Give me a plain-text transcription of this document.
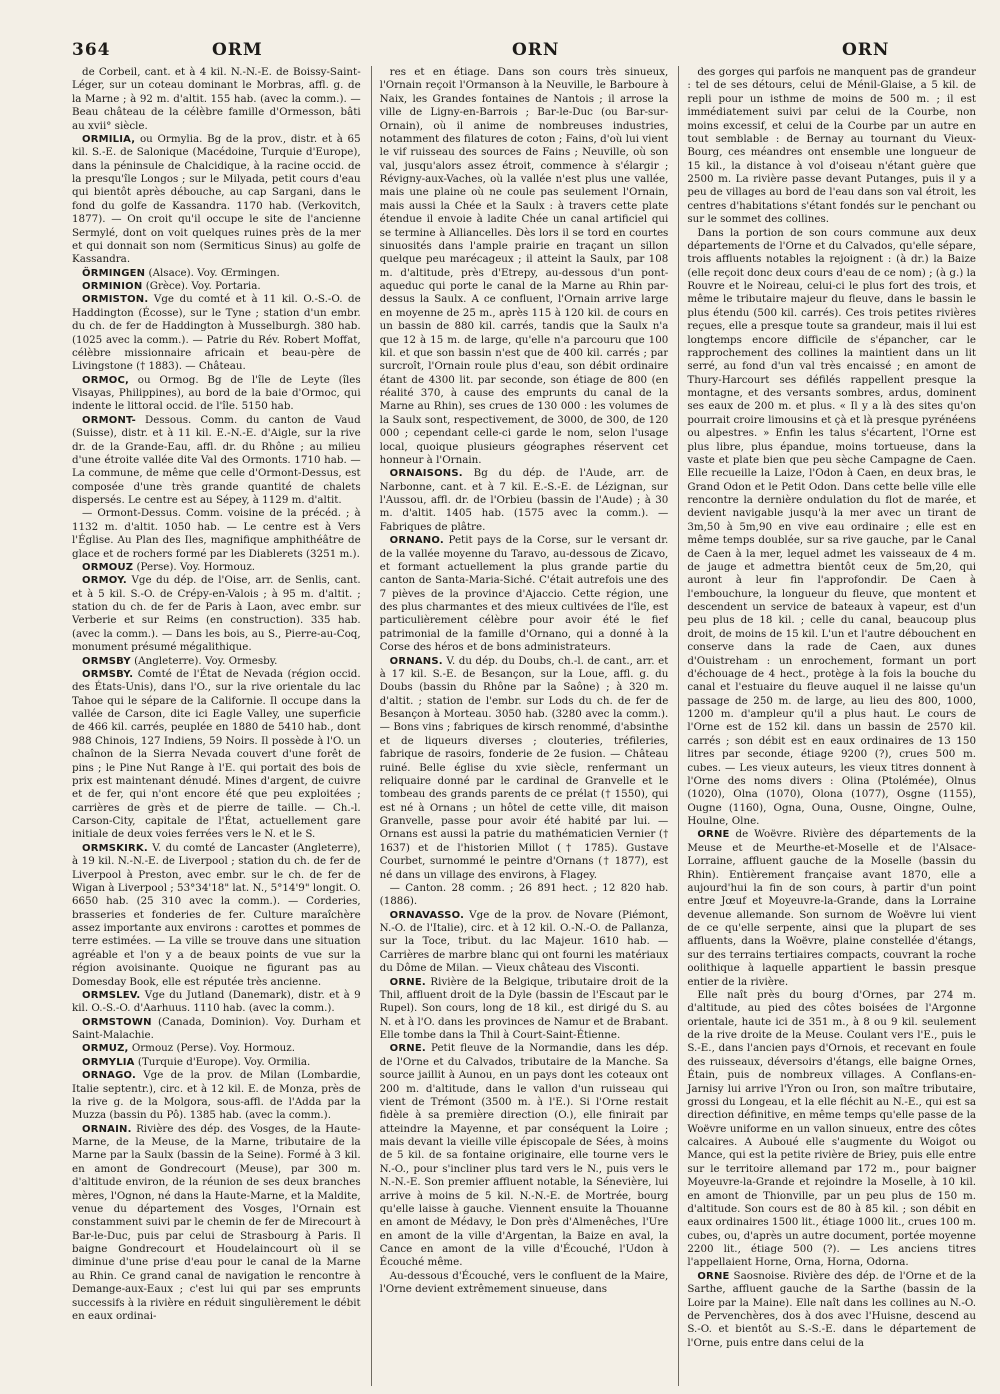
364	ORM	ORN	ORN

de Corbeil, cant. et à 4 kil. N.-N.-E. de Boissy-Saint-Léger, sur un coteau dominant le Morbras, affl. g. de la Marne ; à 92 m. d'altit. 155 hab. (avec la comm.). — Beau château de la célèbre famille d'Ormesson, bâti au xvii° siècle.

ORMILIA, ou Ormylia. Bg de la prov., distr. et à 65 kil. S.-E. de Salonique (Macédoine, Turquie d'Europe), dans la péninsule de Chalcidique, à la racine occid. de la presqu'île Longos ; sur le Milyada, petit cours d'eau qui bientôt après débouche, au cap Sargani, dans le fond du golfe de Kassandra. 1170 hab. (Verkovitch, 1877). — On croit qu'il occupe le site de l'ancienne Sermylé, dont on voit quelques ruines près de la mer et qui donnait son nom (Sermiticus Sinus) au golfe de Kassandra.

ÖRMINGEN (Alsace). Voy. Œrmingen.

ORMINION (Grèce). Voy. Portaria.

ORMISTON. Vge du comté et à 11 kil. O.-S.-O. de Haddington (Écosse), sur le Tyne ; station d'un embr. du ch. de fer de Haddington à Musselburgh. 380 hab. (1025 avec la comm.). — Patrie du Rév. Robert Moffat, célèbre missionnaire africain et beau-père de Livingstone († 1883). — Château.

ORMOC, ou Ormog. Bg de l'île de Leyte (îles Visayas, Philippines), au bord de la baie d'Ormoc, qui indente le littoral occid. de l'île. 5150 hab.

ORMONT- Dessous. Comm. du canton de Vaud (Suisse), distr. et à 11 kil. E.-N.-E. d'Aigle, sur la rive dr. de la Grande-Eau, affl. dr. du Rhône ; au milieu d'une étroite vallée dite Val des Ormonts. 1710 hab. — La commune, de même que celle d'Ormont-Dessus, est composée d'une très grande quantité de chalets dispersés. Le centre est au Sépey, à 1129 m. d'altit.

— Ormont-Dessus. Comm. voisine de la précéd. ; à 1132 m. d'altit. 1050 hab. — Le centre est à Vers l'Église. Au Plan des Iles, magnifique amphithéâtre de glace et de rochers formé par les Diablerets (3251 m.).

ORMOUZ (Perse). Voy. Hormouz.

ORMOY. Vge du dép. de l'Oise, arr. de Senlis, cant. et à 5 kil. S.-O. de Crépy-en-Valois ; à 95 m. d'altit. ; station du ch. de fer de Paris à Laon, avec embr. sur Verberie et sur Reims (en construction). 335 hab. (avec la comm.). — Dans les bois, au S., Pierre-au-Coq, monument présumé mégalithique.

ORMSBY (Angleterre). Voy. Ormesby.

ORMSBY. Comté de l'État de Nevada (région occid. des États-Unis), dans l'O., sur la rive orientale du lac Tahoe qui le sépare de la Californie. Il occupe dans la vallée de Carson, dite ici Eagle Valley, une superficie de 466 kil. carrés, peuplée en 1880 de 5410 hab., dont 988 Chinois, 127 Indiens, 59 Noirs. Il possède à l'O. un chaînon de la Sierra Nevada couvert d'une forêt de pins ; le Pine Nut Range à l'E. qui portait des bois de prix est maintenant dénudé. Mines d'argent, de cuivre et de fer, qui n'ont encore été que peu exploitées ; carrières de grès et de pierre de taille. — Ch.-l. Carson-City, capitale de l'État, actuellement gare initiale de deux voies ferrées vers le N. et le S.

ORMSKIRK. V. du comté de Lancaster (Angleterre), à 19 kil. N.-N.-E. de Liverpool ; station du ch. de fer de Liverpool à Preston, avec embr. sur le ch. de fer de Wigan à Liverpool ; 53°34'18" lat. N., 5°14'9" longit. O. 6650 hab. (25 310 avec la comm.). — Corderies, brasseries et fonderies de fer. Culture maraîchère assez importante aux environs : carottes et pommes de terre estimées. — La ville se trouve dans une situation agréable et l'on y a de beaux points de vue sur la région avoisinante. Quoique ne figurant pas au Domesday Book, elle est réputée très ancienne.

ORMSLEV. Vge du Jutland (Danemark), distr. et à 9 kil. O.-S.-O. d'Aarhuus. 1110 hab. (avec la comm.).

ORMSTOWN (Canada, Dominion). Voy. Durham et Saint-Malachie.

ORMUZ, Ormouz (Perse). Voy. Hormouz.

ORMYLIA (Turquie d'Europe). Voy. Ormilia.

ORNAGO. Vge de la prov. de Milan (Lombardie, Italie septentr.), circ. et à 12 kil. E. de Monza, près de la rive g. de la Molgora, sous-affl. de l'Adda par la Muzza (bassin du Pô). 1385 hab. (avec la comm.).

ORNAIN. Rivière des dép. des Vosges, de la Haute-Marne, de la Meuse, de la Marne, tributaire de la Marne par la Saulx (bassin de la Seine). Formé à 3 kil. en amont de Gondrecourt (Meuse), par 300 m. d'altitude environ, de la réunion de ses deux branches mères, l'Ognon, né dans la Haute-Marne, et la Maldite, venue du département des Vosges, l'Ornain est constamment suivi par le chemin de fer de Mirecourt à Bar-le-Duc, puis par celui de Strasbourg à Paris. Il baigne Gondrecourt et Houdelaincourt où il se diminue d'une prise d'eau pour le canal de la Marne au Rhin. Ce grand canal de navigation le rencontre à Demange-aux-Eaux ; c'est lui qui par ses emprunts successifs à la rivière en réduit singulièrement le débit en eaux ordinai-

res et en étiage. Dans son cours très sinueux, l'Ornain reçoit l'Ormanson à la Neuville, le Barboure à Naix, les Grandes fontaines de Nantois ; il arrose la ville de Ligny-en-Barrois ; Bar-le-Duc (ou Bar-sur-Ornain), où il anime de nombreuses industries, notamment des filatures de coton ; Fains, d'où lui vient le vif ruisseau des sources de Fains ; Neuville, où son val, jusqu'alors assez étroit, commence à s'élargir ; Révigny-aux-Vaches, où la vallée n'est plus une vallée, mais une plaine où ne coule pas seulement l'Ornain, mais aussi la Chée et la Saulx : à travers cette plate étendue il envoie à ladite Chée un canal artificiel qui se termine à Alliancelles. Dès lors il se tord en courtes sinuosités dans l'ample prairie en traçant un sillon quelque peu marécageux ; il atteint la Saulx, par 108 m. d'altitude, près d'Etrepy, au-dessous d'un pont-aqueduc qui porte le canal de la Marne au Rhin par-dessus la Saulx. A ce confluent, l'Ornain arrive large en moyenne de 25 m., après 115 à 120 kil. de cours en un bassin de 880 kil. carrés, tandis que la Saulx n'a que 12 à 15 m. de large, qu'elle n'a parcouru que 100 kil. et que son bassin n'est que de 400 kil. carrés ; par surcroît, l'Ornain roule plus d'eau, son débit ordinaire étant de 4300 lit. par seconde, son étiage de 800 (en réalité 370, à cause des emprunts du canal de la Marne au Rhin), ses crues de 130 000 : les volumes de la Saulx sont, respectivement, de 3000, de 300, de 120 000 ; cependant celle-ci garde le nom, selon l'usage local, quoique plusieurs géographes réservent cet honneur à l'Ornain.

ORNAISONS. Bg du dép. de l'Aude, arr. de Narbonne, cant. et à 7 kil. E.-S.-E. de Lézignan, sur l'Aussou, affl. dr. de l'Orbieu (bassin de l'Aude) ; à 30 m. d'altit. 1405 hab. (1575 avec la comm.). — Fabriques de plâtre.

ORNANO. Petit pays de la Corse, sur le versant dr. de la vallée moyenne du Taravo, au-dessous de Zicavo, et formant actuellement la plus grande partie du canton de Santa-Maria-Siché. C'était autrefois une des 7 pièves de la province d'Ajaccio. Cette région, une des plus charmantes et des mieux cultivées de l'île, est particulièrement célèbre pour avoir été le fief patrimonial de la famille d'Ornano, qui a donné à la Corse des héros et de bons administrateurs.

ORNANS. V. du dép. du Doubs, ch.-l. de cant., arr. et à 17 kil. S.-E. de Besançon, sur la Loue, affl. g. du Doubs (bassin du Rhône par la Saône) ; à 320 m. d'altit. ; station de l'embr. sur Lods du ch. de fer de Besançon à Morteau. 3050 hab. (3280 avec la comm.). — Bons vins ; fabriques de kirsch renommé, d'absinthe et de liqueurs diverses ; clouteries, tréfileries, fabrique de rasoirs, fonderie de 2e fusion. — Château ruiné. Belle église du xvie siècle, renfermant un reliquaire donné par le cardinal de Granvelle et le tombeau des grands parents de ce prélat († 1550), qui est né à Ornans ; un hôtel de cette ville, dit maison Granvelle, passe pour avoir été habité par lui. — Ornans est aussi la patrie du mathématicien Vernier († 1637) et de l'historien Millot († 1785). Gustave Courbet, surnommé le peintre d'Ornans († 1877), est né dans un village des environs, à Flagey.

— Canton. 28 comm. ; 26 891 hect. ; 12 820 hab. (1886).

ORNAVASSO. Vge de la prov. de Novare (Piémont, N.-O. de l'Italie), circ. et à 12 kil. O.-N.-O. de Pallanza, sur la Toce, tribut. du lac Majeur. 1610 hab. — Carrières de marbre blanc qui ont fourni les matériaux du Dôme de Milan. — Vieux château des Visconti.

ORNE. Rivière de la Belgique, tributaire droit de la Thil, affluent droit de la Dyle (bassin de l'Escaut par le Rupel). Son cours, long de 18 kil., est dirigé du S. au N. et à l'O. dans les provinces de Namur et de Brabant. Elle tombe dans la Thil à Court-Saint-Étienne.

ORNE. Petit fleuve de la Normandie, dans les dép. de l'Orne et du Calvados, tributaire de la Manche. Sa source jaillit à Aunou, en un pays dont les coteaux ont 200 m. d'altitude, dans le vallon d'un ruisseau qui vient de Trémont (3500 m. à l'E.). Si l'Orne restait fidèle à sa première direction (O.), elle finirait par atteindre la Mayenne, et par conséquent la Loire ; mais devant la vieille ville épiscopale de Sées, à moins de 5 kil. de sa fontaine originaire, elle tourne vers le N.-O., pour s'incliner plus tard vers le N., puis vers le N.-N.-E. Son premier affluent notable, la Sénevière, lui arrive à moins de 5 kil. N.-N.-E. de Mortrée, bourg qu'elle laisse à gauche. Viennent ensuite la Thouanne en amont de Médavy, le Don près d'Almenêches, l'Ure en amont de la ville d'Argentan, la Baize en aval, la Cance en amont de la ville d'Écouché, l'Udon à Écouché même.

Au-dessous d'Écouché, vers le confluent de la Maire, l'Orne devient extrêmement sinueuse, dans

des gorges qui parfois ne manquent pas de grandeur : tel de ses détours, celui de Ménil-Glaise, a 5 kil. de repli pour un isthme de moins de 500 m. ; il est immédiatement suivi par celui de la Courbe, non moins excessif, et celui de la Courbe par un autre en tout semblable : de Bernay au tournant du Vieux-Bourg, ces méandres ont ensemble une longueur de 15 kil., la distance à vol d'oiseau n'étant guère que 2500 m. La rivière passe devant Putanges, puis il y a peu de villages au bord de l'eau dans son val étroit, les centres d'habitations s'étant fondés sur le penchant ou sur le sommet des collines.

Dans la portion de son cours commune aux deux départements de l'Orne et du Calvados, qu'elle sépare, trois affluents notables la rejoignent : (à dr.) la Baize (elle reçoit donc deux cours d'eau de ce nom) ; (à g.) la Rouvre et le Noireau, celui-ci le plus fort des trois, et même le tributaire majeur du fleuve, dans le bassin le plus étendu (500 kil. carrés). Ces trois petites rivières reçues, elle a presque toute sa grandeur, mais il lui est longtemps encore difficile de s'épancher, car le rapprochement des collines la maintient dans un lit serré, au fond d'un val très encaissé ; en amont de Thury-Harcourt ses défilés rappellent presque la montagne, et des versants sombres, ardus, dominent ses eaux de 200 m. et plus. « Il y a là des sites qu'on pourrait croire limousins et çà et là presque pyrénéens ou alpestres. » Enfin les talus s'écartent, l'Orne est plus libre, plus épandue, moins tortueuse, dans la vaste et plate bien que peu sèche Campagne de Caen. Elle recueille la Laize, l'Odon à Caen, en deux bras, le Grand Odon et le Petit Odon. Dans cette belle ville elle rencontre la dernière ondulation du flot de marée, et devient navigable jusqu'à la mer avec un tirant de 3m,50 à 5m,90 en vive eau ordinaire ; elle est en même temps doublée, sur sa rive gauche, par le Canal de Caen à la mer, lequel admet les vaisseaux de 4 m. de jauge et admettra bientôt ceux de 5m,20, qui auront à leur fin l'approfondir. De Caen à l'embouchure, la longueur du fleuve, que montent et descendent un service de bateaux à vapeur, est d'un peu plus de 18 kil. ; celle du canal, beaucoup plus droit, de moins de 15 kil. L'un et l'autre débouchent en conserve dans la rade de Caen, aux dunes d'Ouistreham : un enrochement, formant un port d'échouage de 4 hect., protège à la fois la bouche du canal et l'estuaire du fleuve auquel il ne laisse qu'un passage de 250 m. de large, au lieu des 800, 1000, 1200 m. d'ampleur qu'il a plus haut. Le cours de l'Orne est de 152 kil. dans un bassin de 2570 kil. carrés ; son débit est en eaux ordinaires de 13 150 litres par seconde, étiage 9200 (?), crues 500 m. cubes. — Les vieux auteurs, les vieux titres donnent à l'Orne des noms divers : Olina (Ptolémée), Olnus (1020), Olna (1070), Olona (1077), Osgne (1155), Ougne (1160), Ogna, Ouna, Ousne, Oingne, Oulne, Houlne, Olne.

ORNE de Woëvre. Rivière des départements de la Meuse et de Meurthe-et-Moselle et de l'Alsace-Lorraine, affluent gauche de la Moselle (bassin du Rhin). Entièrement française avant 1870, elle a aujourd'hui la fin de son cours, à partir d'un point entre Jœuf et Moyeuvre-la-Grande, dans la Lorraine devenue allemande. Son surnom de Woëvre lui vient de ce qu'elle serpente, ainsi que la plupart de ses affluents, dans la Woëvre, plaine constellée d'étangs, sur des terrains tertiaires compacts, couvrant la roche oolithique à laquelle appartient le bassin presque entier de la rivière.

Elle naît près du bourg d'Ornes, par 274 m. d'altitude, au pied des côtes boisées de l'Argonne orientale, haute ici de 351 m., à 8 ou 9 kil. seulement de la rive droite de la Meuse. Coulant vers l'E., puis le S.-E., dans l'ancien pays d'Ornois, et recevant en foule des ruisseaux, déversoirs d'étangs, elle baigne Ornes, Étain, puis de nombreux villages. A Conflans-en-Jarnisy lui arrive l'Yron ou Iron, son maître tributaire, grossi du Longeau, et la elle fléchit au N.-E., qui est sa direction définitive, en même temps qu'elle passe de la Woëvre uniforme en un vallon sinueux, entre des côtes calcaires. A Auboué elle s'augmente du Woigot ou Mance, qui est la petite rivière de Briey, puis elle entre sur le territoire allemand par 172 m., pour baigner Moyeuvre-la-Grande et rejoindre la Moselle, à 10 kil. en amont de Thionville, par un peu plus de 150 m. d'altitude. Son cours est de 80 à 85 kil. ; son débit en eaux ordinaires 1500 lit., étiage 1000 lit., crues 100 m. cubes, ou, d'après un autre document, portée moyenne 2200 lit., étiage 500 (?). — Les anciens titres l'appellaient Horne, Orna, Horna, Odorna.

ORNE Saosnoise. Rivière des dép. de l'Orne et de la Sarthe, affluent gauche de la Sarthe (bassin de la Loire par la Maine). Elle naît dans les collines au N.-O. de Pervenchères, dos à dos avec l'Huisne, descend au S.-O. et bientôt au S.-S.-E. dans le département de l'Orne, puis entre dans celui de la
